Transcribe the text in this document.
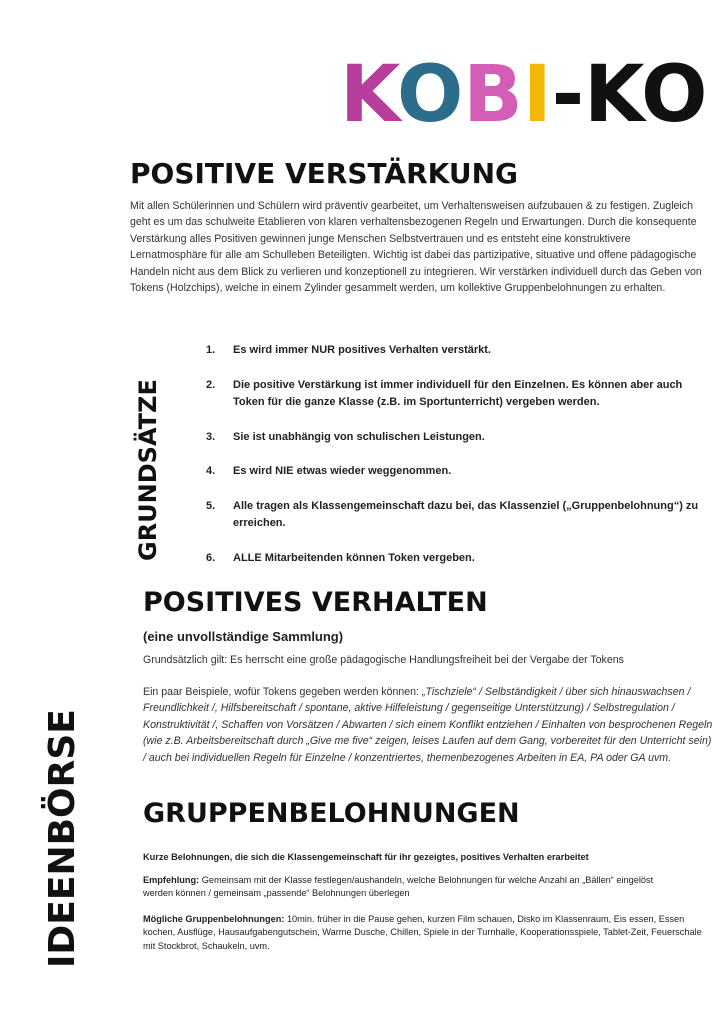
KOBI-KO
POSITIVE VERSTÄRKUNG

Mit allen Schülerinnen und Schülern wird präventiv gearbeitet, um Verhaltensweisen aufzubauen & zu festigen. Zugleich geht es um das schulweite Etablieren von klaren verhaltensbezogenen Regeln und Erwartungen. Durch die konsequente Verstärkung alles Positiven gewinnen junge Menschen Selbstvertrauen und es entsteht eine konstruktivere Lernatmosphäre für alle am Schulleben Beteiligten. Wichtig ist dabei das partizipative, situative und offene pädagogische Handeln nicht aus dem Blick zu verlieren und konzeptionell zu integrieren. Wir verstärken individuell durch das Geben von Tokens (Holzchips), welche in einem Zylinder gesammelt werden, um kollektive Gruppenbelohnungen zu erhalten.

GRUNDSÄTZE
1.	Es wird immer NUR positives Verhalten verstärkt.
2.	Die positive Verstärkung ist immer individuell für den Einzelnen. Es können aber auch Token für die ganze Klasse (z.B. im Sportunterricht) vergeben werden.
3.	Sie ist unabhängig von schulischen Leistungen.
4.	Es wird NIE etwas wieder weggenommen.
5.	Alle tragen als Klassengemeinschaft dazu bei, das Klassenziel („Gruppenbelohnung“) zu erreichen.
6.	ALLE Mitarbeitenden können Token vergeben.
IDEENBÖRSE
POSITIVES VERHALTEN
(eine unvollständige Sammlung)

Grundsätzlich gilt: Es herrscht eine große pädagogische Handlungsfreiheit bei der Vergabe der Tokens

Ein paar Beispiele, wofür Tokens gegeben werden können: „Tischziele“ / Selbständigkeit / über sich hinauswachsen / Freundlichkeit /, Hilfsbereitschaft / spontane, aktive Hilfeleistung / gegenseitige Unterstützung) / Selbstregulation / Konstruktivität /, Schaffen von Vorsätzen / Abwarten / sich einem Konflikt entziehen / Einhalten von besprochenen Regeln (wie z.B. Arbeitsbereitschaft durch „Give me five“ zeigen, leises Laufen auf dem Gang, vorbereitet für den Unterricht sein) / auch bei individuellen Regeln für Einzelne / konzentriertes, themenbezogenes Arbeiten in EA, PA oder GA uvm.

GRUPPENBELOHNUNGEN

Kurze Belohnungen, die sich die Klassengemeinschaft für ihr gezeigtes, positives Verhalten erarbeitet

Empfehlung: Gemeinsam mit der Klasse festlegen/aushandeln, welche Belohnungen für welche Anzahl an „Bällen“ eingelöst werden können / gemeinsam „passende“ Belohnungen überlegen

Mögliche Gruppenbelohnungen: 10min. früher in die Pause gehen, kurzen Film schauen, Disko im Klassenraum, Eis essen, Essen kochen, Ausflüge, Hausaufgabengutschein, Warme Dusche, Chillen, Spiele in der Turnhalle, Kooperationsspiele, Tablet-Zeit, Feuerschale mit Stockbrot, Schaukeln, uvm.
